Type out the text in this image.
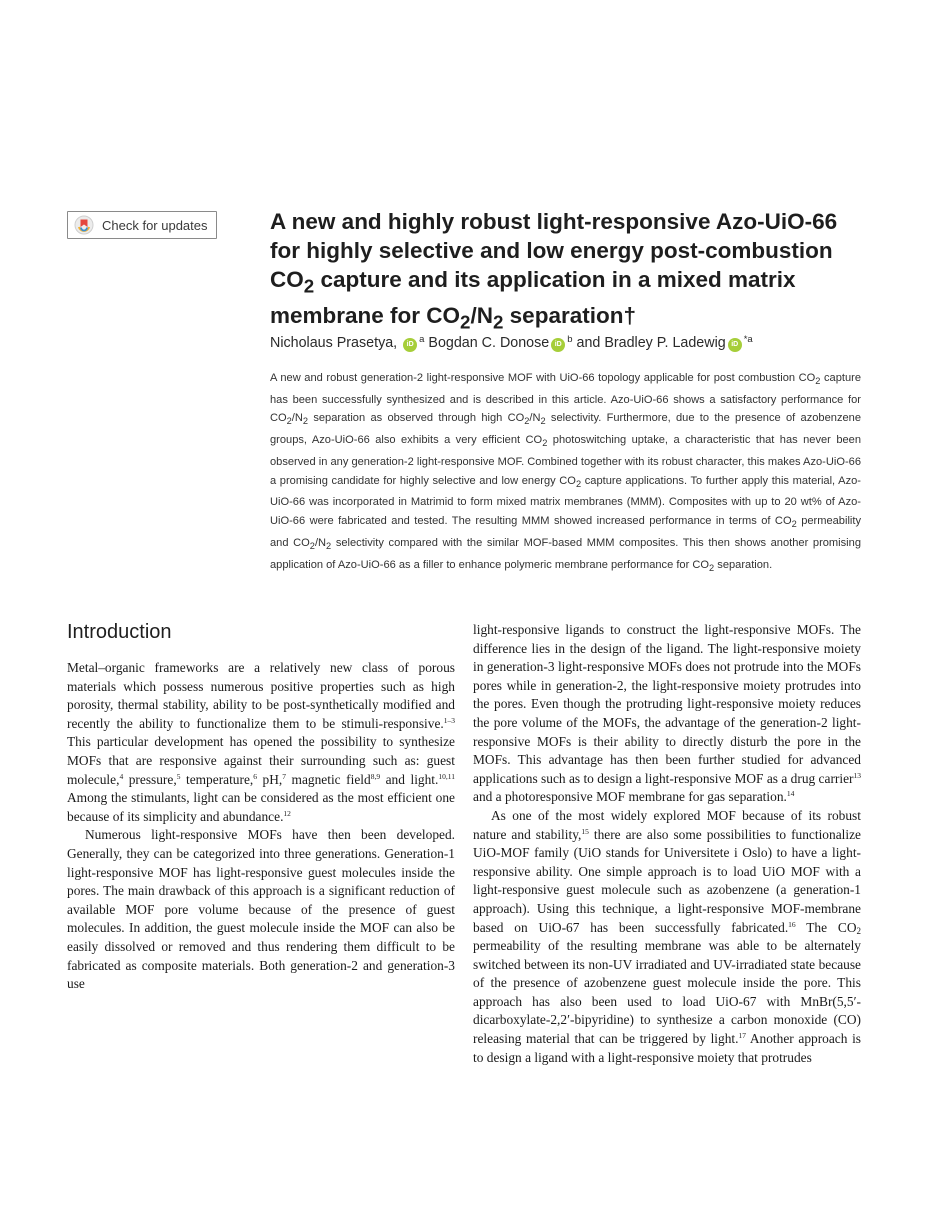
Check for updates	A new and highly robust light-responsive Azo-UiO-66 for highly selective and low energy post-combustion $CO_2$ capture and its application in a mixed matrix membrane for $CO_2/N_2$ separation†
Nicholaus Prasetya, iD $^a$ Bogdan C. Donose iD $^b$ and Bradley P. Ladewig iD $^{*a}$

A new and robust generation-2 light-responsive MOF with UiO-66 topology applicable for post combustion $CO_2$ capture has been successfully synthesized and is described in this article. Azo-UiO-66 shows a satisfactory performance for $CO_2/N_2$ separation as observed through high $CO_2/N_2$ selectivity. Furthermore, due to the presence of azobenzene groups, Azo-UiO-66 also exhibits a very efficient $CO_2$ photoswitching uptake, a characteristic that has never been observed in any generation-2 light-responsive MOF. Combined together with its robust character, this makes Azo-UiO-66 a promising candidate for highly selective and low energy $CO_2$ capture applications. To further apply this material, Azo-UiO-66 was incorporated in Matrimid to form mixed matrix membranes (MMM). Composites with up to 20 wt% of Azo-UiO-66 were fabricated and tested. The resulting MMM showed increased performance in terms of $CO_2$ permeability and $CO_2/N_2$ selectivity compared with the similar MOF-based MMM composites. This then shows another promising application of Azo-UiO-66 as a filler to enhance polymeric membrane performance for $CO_2$ separation.

Introduction

Metal–organic frameworks are a relatively new class of porous materials which possess numerous positive properties such as high porosity, thermal stability, ability to be post-synthetically modified and recently the ability to functionalize them to be stimuli-responsive.$^{1-3}$ This particular development has opened the possibility to synthesize MOFs that are responsive against their surrounding such as: guest molecule,$^4$ pressure,$^5$ temperature,$^6$ pH,$^7$ magnetic field$^{8,9}$ and light.$^{10,11}$ Among the stimulants, light can be considered as the most efficient one because of its simplicity and abundance.$^{12}$

Numerous light-responsive MOFs have then been developed. Generally, they can be categorized into three generations. Generation-1 light-responsive MOF has light-responsive guest molecules inside the pores. The main drawback of this approach is a significant reduction of available MOF pore volume because of the presence of guest molecules. In addition, the guest molecule inside the MOF can also be easily dissolved or removed and thus rendering them difficult to be fabricated as composite materials. Both generation-2 and generation-3 use

light-responsive ligands to construct the light-responsive MOFs. The difference lies in the design of the ligand. The light-responsive moiety in generation-3 light-responsive MOFs does not protrude into the MOFs pores while in generation-2, the light-responsive moiety protrudes into the pores. Even though the protruding light-responsive moiety reduces the pore volume of the MOFs, the advantage of the generation-2 light-responsive MOFs is their ability to directly disturb the pore in the MOFs. This advantage has then been further studied for advanced applications such as to design a light-responsive MOF as a drug carrier$^{13}$ and a photoresponsive MOF membrane for gas separation.$^{14}$

As one of the most widely explored MOF because of its robust nature and stability,$^{15}$ there are also some possibilities to functionalize UiO-MOF family (UiO stands for Universitete i Oslo) to have a light-responsive ability. One simple approach is to load UiO MOF with a light-responsive guest molecule such as azobenzene (a generation-1 approach). Using this technique, a light-responsive MOF-membrane based on UiO-67 has been successfully fabricated.$^{16}$ The $CO_2$ permeability of the resulting membrane was able to be alternately switched between its non-UV irradiated and UV-irradiated state because of the presence of azobenzene guest molecule inside the pore. This approach has also been used to load UiO-67 with MnBr(5,5′-dicarboxylate-2,2′-bipyridine) to synthesize a carbon monoxide (CO) releasing material that can be triggered by light.$^{17}$ Another approach is to design a ligand with a light-responsive moiety that protrudes
